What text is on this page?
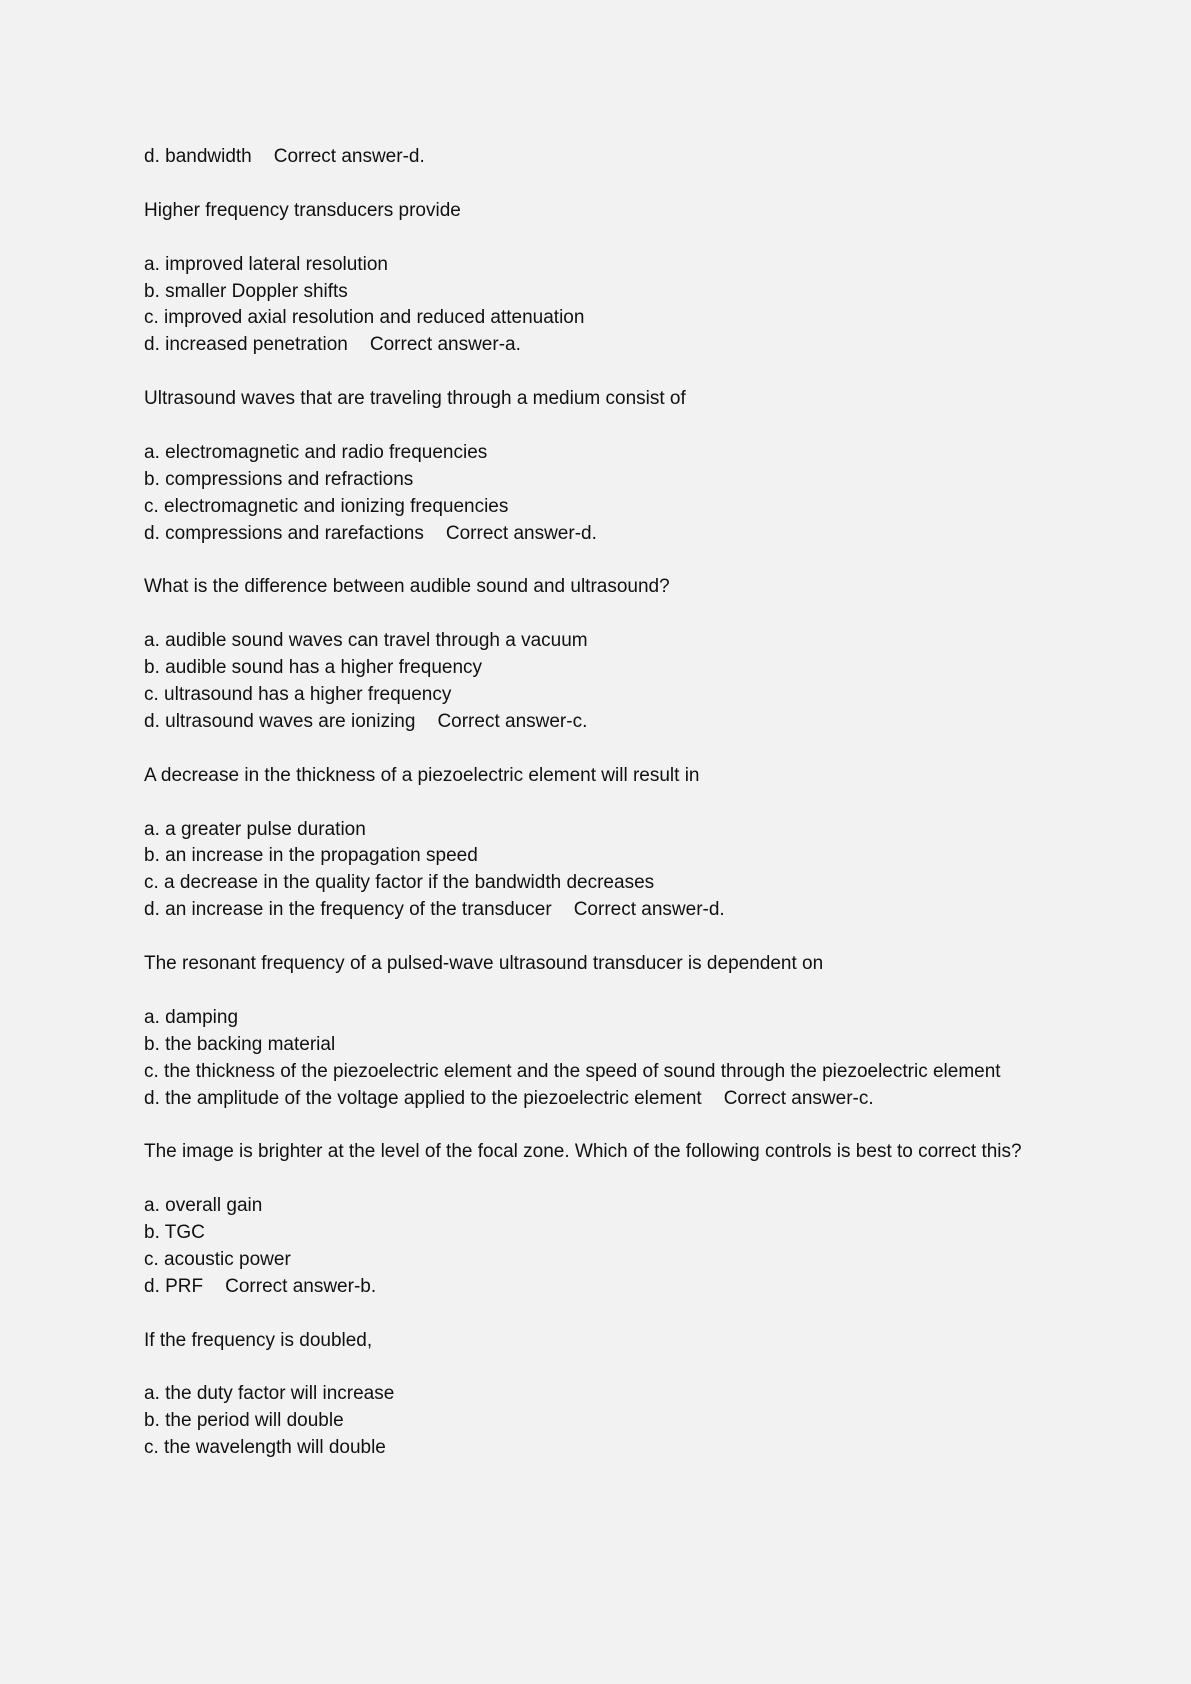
d. bandwidth Correct answer-d.
Higher frequency transducers provide
a. improved lateral resolution
b. smaller Doppler shifts
c. improved axial resolution and reduced attenuation
d. increased penetration Correct answer-a.
Ultrasound waves that are traveling through a medium consist of
a. electromagnetic and radio frequencies
b. compressions and refractions
c. electromagnetic and ionizing frequencies
d. compressions and rarefactions Correct answer-d.
What is the difference between audible sound and ultrasound?
a. audible sound waves can travel through a vacuum
b. audible sound has a higher frequency
c. ultrasound has a higher frequency
d. ultrasound waves are ionizing Correct answer-c.
A decrease in the thickness of a piezoelectric element will result in
a. a greater pulse duration
b. an increase in the propagation speed
c. a decrease in the quality factor if the bandwidth decreases
d. an increase in the frequency of the transducer Correct answer-d.
The resonant frequency of a pulsed-wave ultrasound transducer is dependent on
a. damping
b. the backing material
c. the thickness of the piezoelectric element and the speed of sound through the piezoelectric element
d. the amplitude of the voltage applied to the piezoelectric element Correct answer-c.
The image is brighter at the level of the focal zone. Which of the following controls is best to correct this?
a. overall gain
b. TGC
c. acoustic power
d. PRF Correct answer-b.
If the frequency is doubled,
a. the duty factor will increase
b. the period will double
c. the wavelength will double
